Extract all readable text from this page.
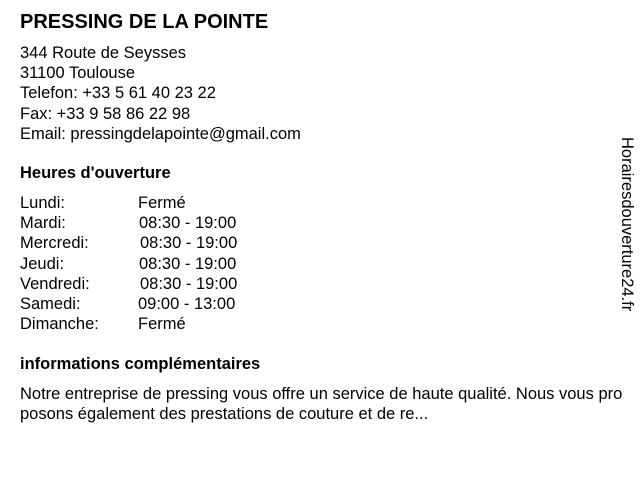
PRESSING DE LA POINTE
344 Route de Seysses
31100 Toulouse
Telefon: +33 5 61 40 23 22
Fax: +33 9 58 86 22 98
Email: pressingdelapointe@gmail.com
Heures d'ouverture
Lundi:	Fermé
Mardi:	08:30 - 19:00
Mercredi:	08:30 - 19:00
Jeudi:	08:30 - 19:00
Vendredi:	08:30 - 19:00
Samedi:	09:00 - 13:00
Dimanche: Fermé
informations complémentaires
Notre entreprise de pressing vous offre un service de haute qualité. Nous vous proposons également des prestations de couture et de re...
Horairesdouverture24.fr
